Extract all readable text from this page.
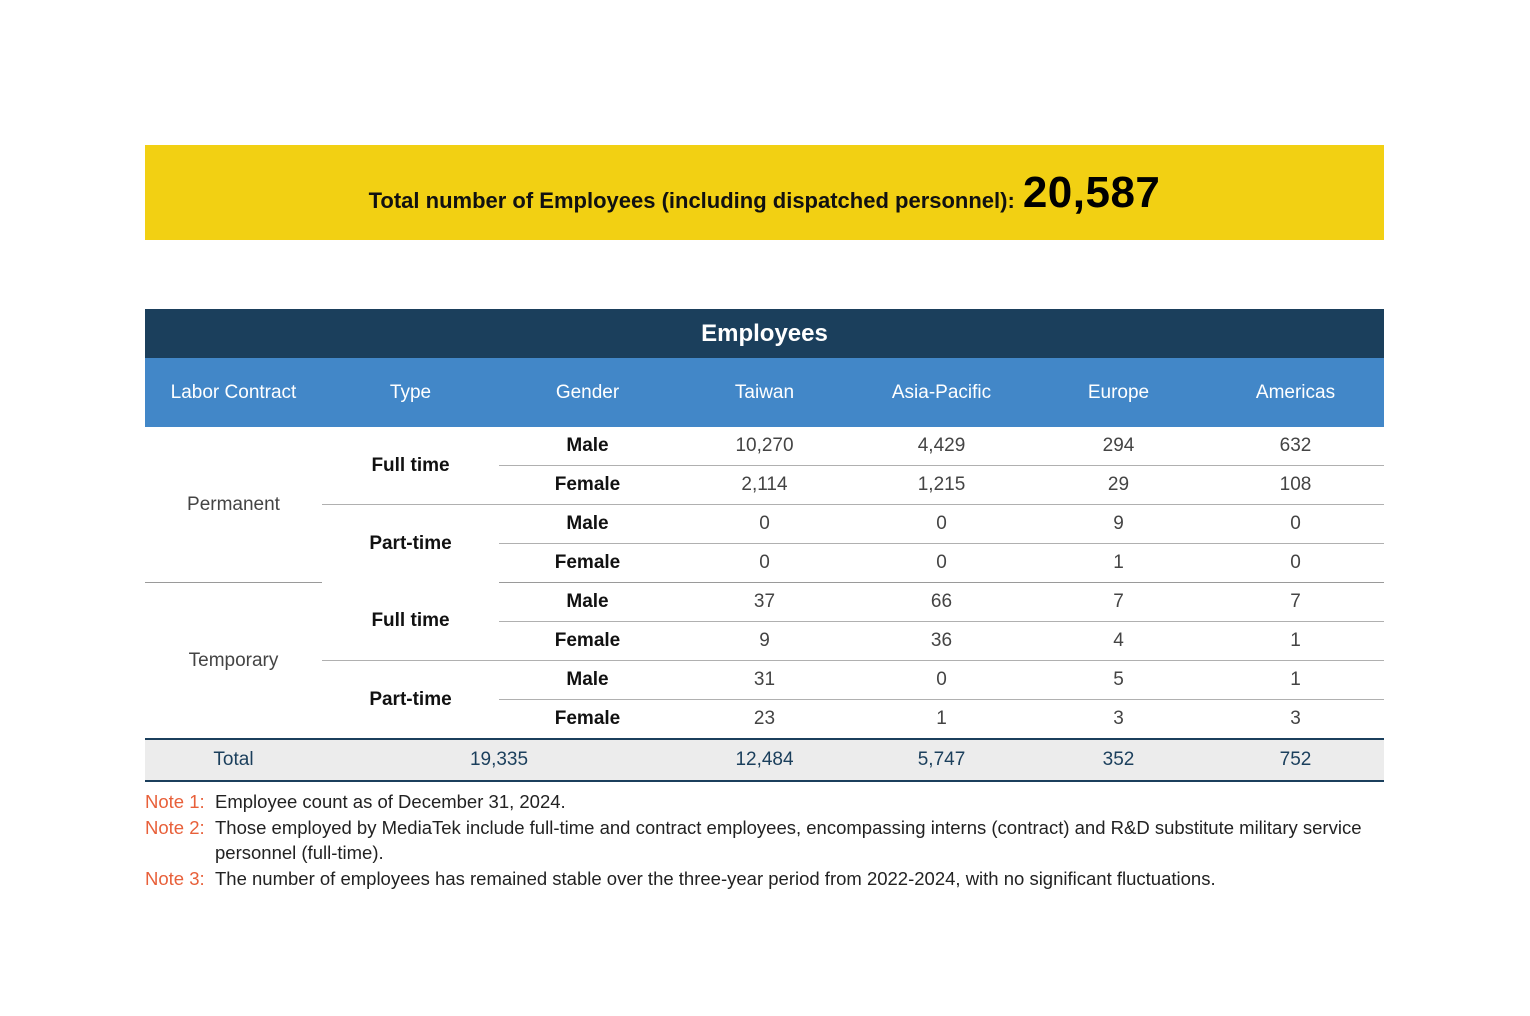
Total number of Employees (including dispatched personnel): 20,587
Employees
Labor Contract	Type	Gender	Taiwan	Asia-Pacific	Europe	Americas
Permanent	Full time	Male	10,270	4,429	294	632
		Female	2,114	1,215	29	108
	Part-time	Male	0	0	9	0
		Female	0	0	1	0
Temporary	Full time	Male	37	66	7	7
		Female	9	36	4	1
	Part-time	Male	31	0	5	1
		Female	23	1	3	3
Total	19,335		12,484	5,747	352	752
Note 1: Employee count as of December 31, 2024.
Note 2: Those employed by MediaTek include full-time and contract employees, encompassing interns (contract) and R&D substitute military service personnel (full-time).
Note 3: The number of employees has remained stable over the three-year period from 2022-2024, with no significant fluctuations.
